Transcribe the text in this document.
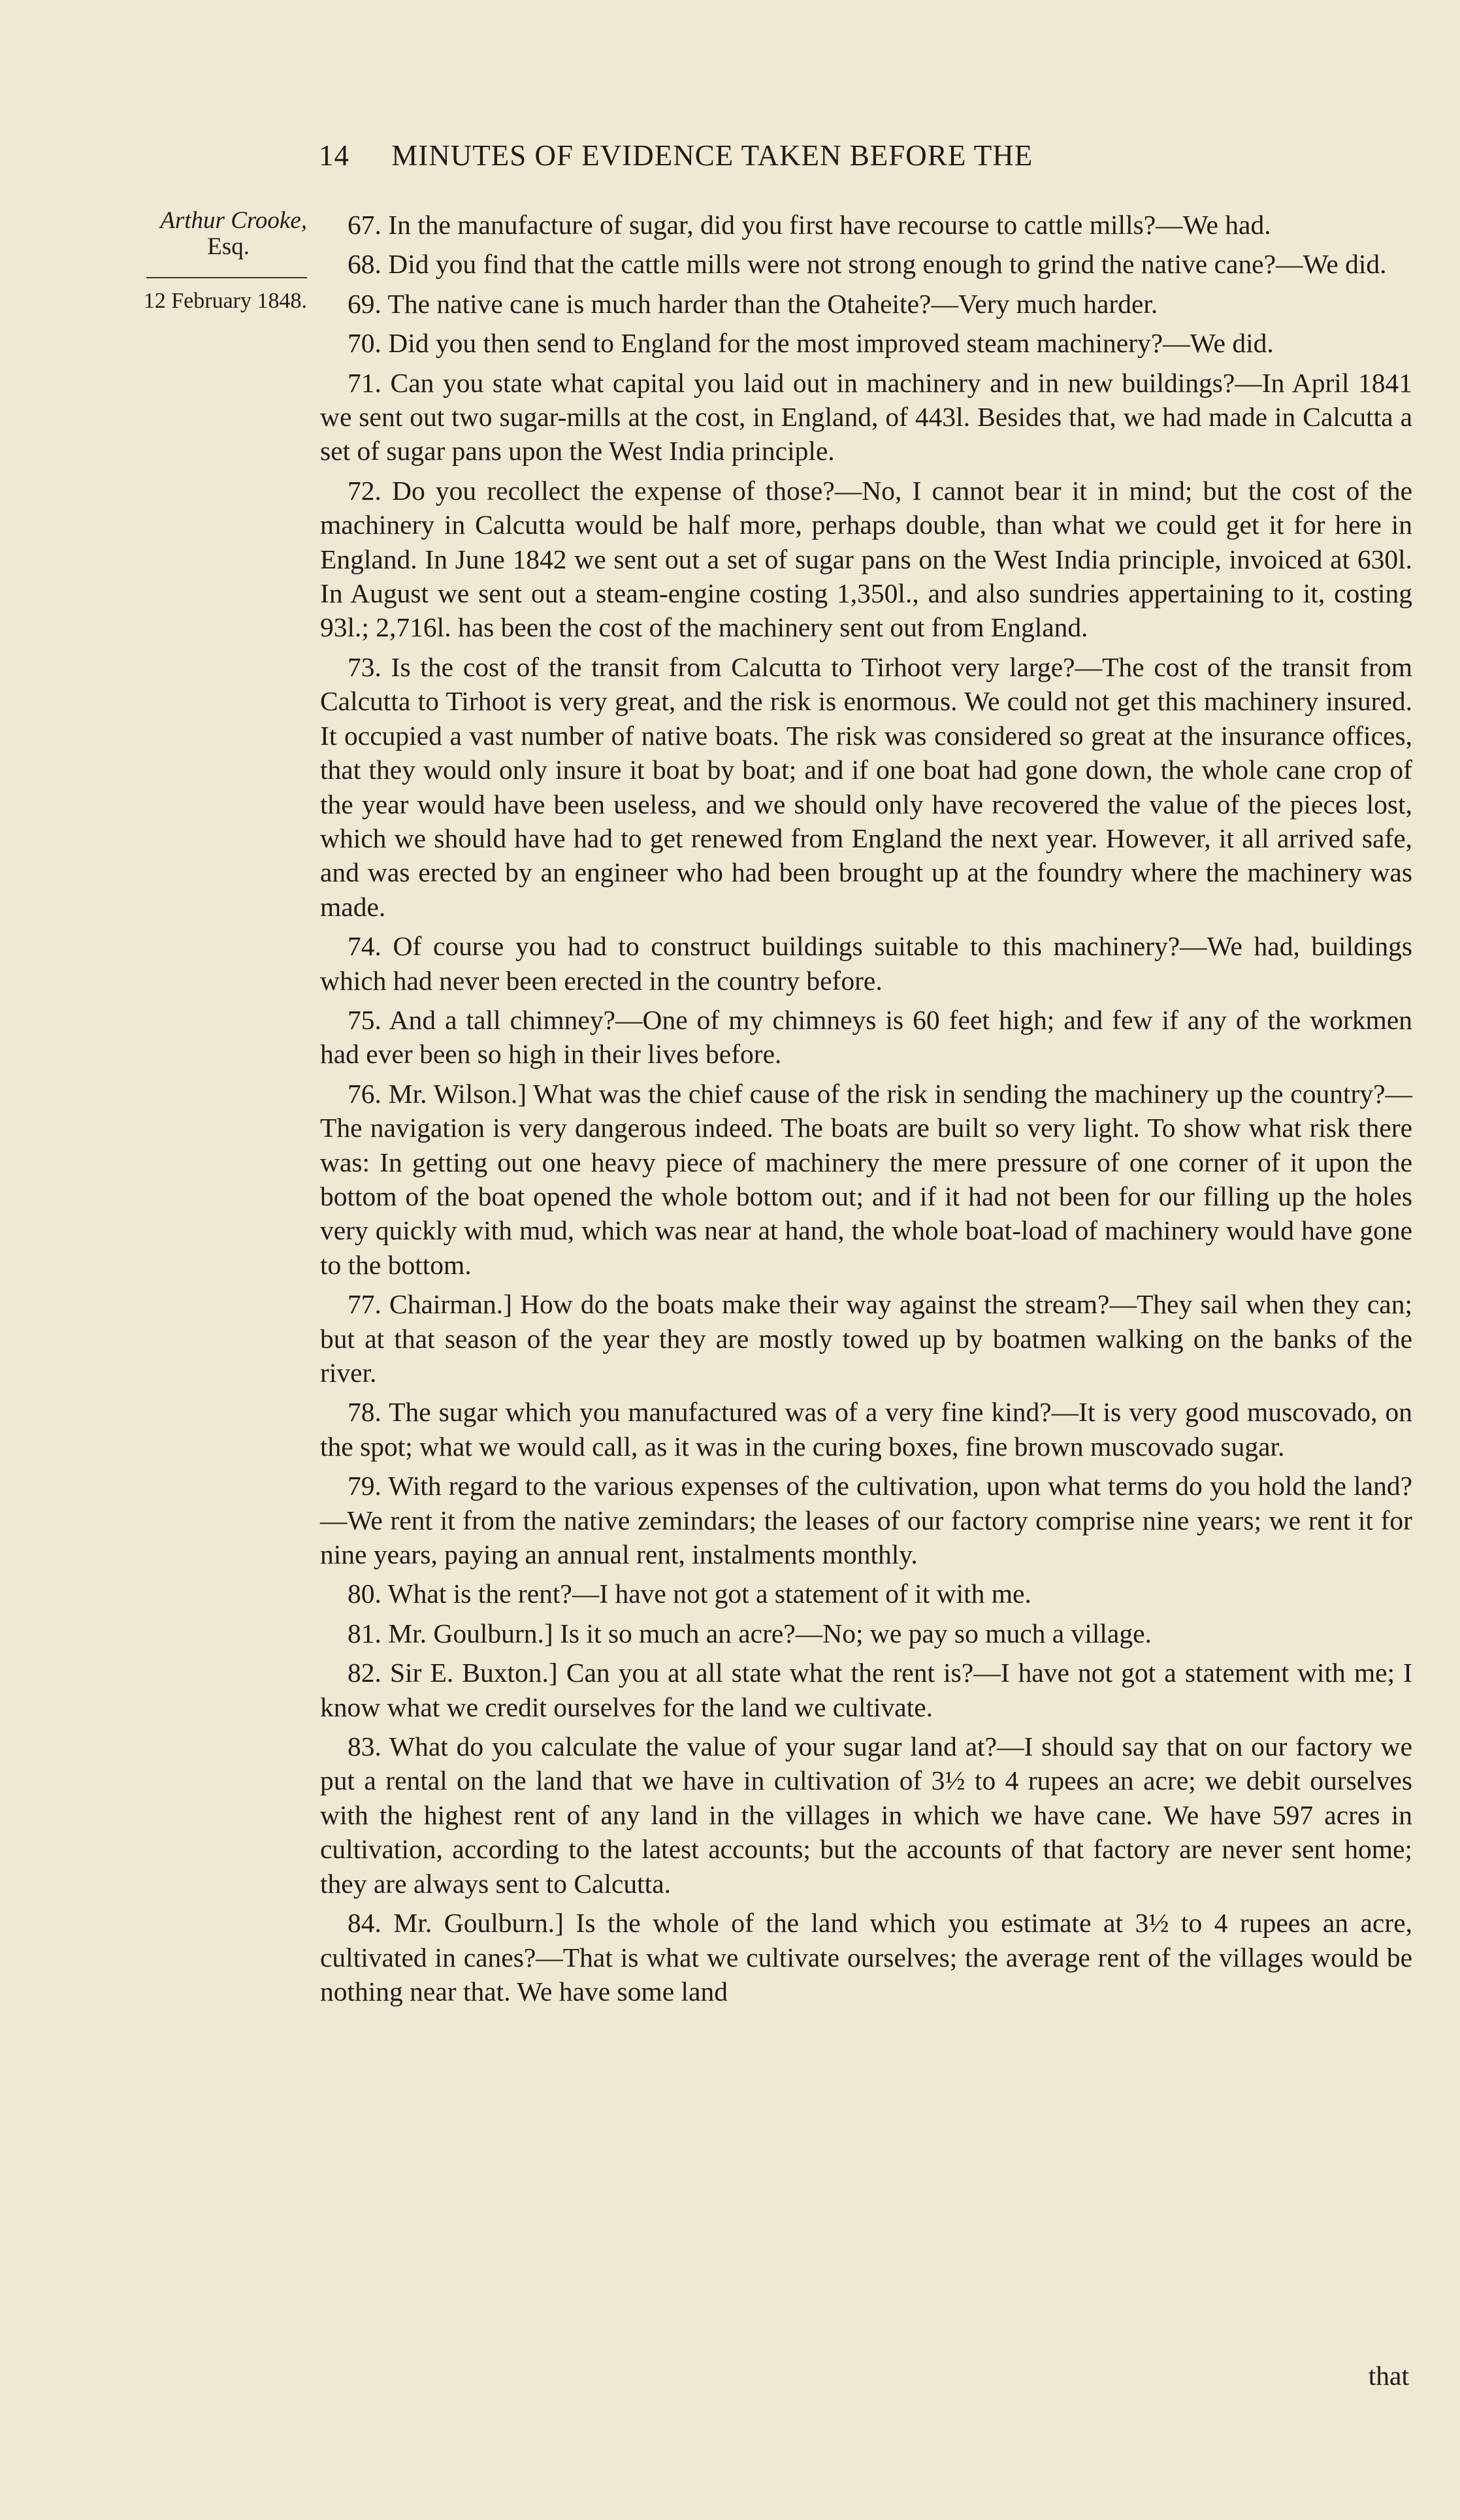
14 MINUTES OF EVIDENCE TAKEN BEFORE THE
Arthur Crooke,
Esq.
12 February 1848.

67. In the manufacture of sugar, did you first have recourse to cattle mills?—We had.

68. Did you find that the cattle mills were not strong enough to grind the native cane?—We did.

69. The native cane is much harder than the Otaheite?—Very much harder.

70. Did you then send to England for the most improved steam machinery?—We did.

71. Can you state what capital you laid out in machinery and in new buildings?—In April 1841 we sent out two sugar-mills at the cost, in England, of 443l. Besides that, we had made in Calcutta a set of sugar pans upon the West India principle.

72. Do you recollect the expense of those?—No, I cannot bear it in mind; but the cost of the machinery in Calcutta would be half more, perhaps double, than what we could get it for here in England. In June 1842 we sent out a set of sugar pans on the West India principle, invoiced at 630l. In August we sent out a steam-engine costing 1,350l., and also sundries appertaining to it, costing 93l.; 2,716l. has been the cost of the machinery sent out from England.

73. Is the cost of the transit from Calcutta to Tirhoot very large?—The cost of the transit from Calcutta to Tirhoot is very great, and the risk is enormous. We could not get this machinery insured. It occupied a vast number of native boats. The risk was considered so great at the insurance offices, that they would only insure it boat by boat; and if one boat had gone down, the whole cane crop of the year would have been useless, and we should only have recovered the value of the pieces lost, which we should have had to get renewed from England the next year. However, it all arrived safe, and was erected by an engineer who had been brought up at the foundry where the machinery was made.

74. Of course you had to construct buildings suitable to this machinery?—We had, buildings which had never been erected in the country before.

75. And a tall chimney?—One of my chimneys is 60 feet high; and few if any of the workmen had ever been so high in their lives before.

76. Mr. Wilson.] What was the chief cause of the risk in sending the machinery up the country?—The navigation is very dangerous indeed. The boats are built so very light. To show what risk there was: In getting out one heavy piece of machinery the mere pressure of one corner of it upon the bottom of the boat opened the whole bottom out; and if it had not been for our filling up the holes very quickly with mud, which was near at hand, the whole boat-load of machinery would have gone to the bottom.

77. Chairman.] How do the boats make their way against the stream?—They sail when they can; but at that season of the year they are mostly towed up by boatmen walking on the banks of the river.

78. The sugar which you manufactured was of a very fine kind?—It is very good muscovado, on the spot; what we would call, as it was in the curing boxes, fine brown muscovado sugar.

79. With regard to the various expenses of the cultivation, upon what terms do you hold the land?—We rent it from the native zemindars; the leases of our factory comprise nine years; we rent it for nine years, paying an annual rent, instalments monthly.

80. What is the rent?—I have not got a statement of it with me.

81. Mr. Goulburn.] Is it so much an acre?—No; we pay so much a village.

82. Sir E. Buxton.] Can you at all state what the rent is?—I have not got a statement with me; I know what we credit ourselves for the land we cultivate.

83. What do you calculate the value of your sugar land at?—I should say that on our factory we put a rental on the land that we have in cultivation of 3½ to 4 rupees an acre; we debit ourselves with the highest rent of any land in the villages in which we have cane. We have 597 acres in cultivation, according to the latest accounts; but the accounts of that factory are never sent home; they are always sent to Calcutta.

84. Mr. Goulburn.] Is the whole of the land which you estimate at 3½ to 4 rupees an acre, cultivated in canes?—That is what we cultivate ourselves; the average rent of the villages would be nothing near that. We have some land

that
